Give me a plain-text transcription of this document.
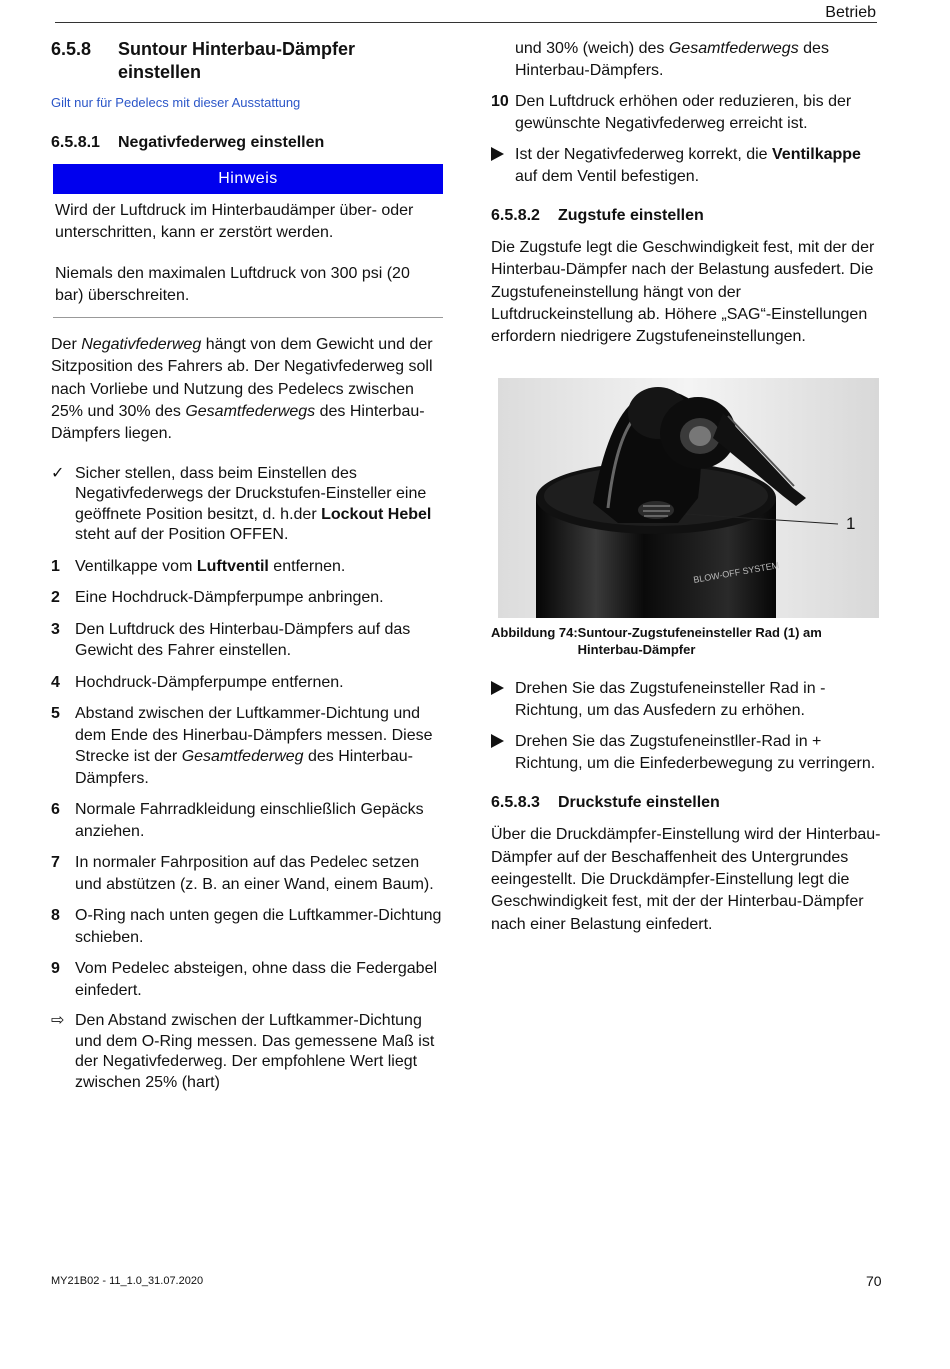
Betrieb
6.5.8	Suntour Hinterbau-Dämpfer einstellen
Gilt nur für Pedelecs mit dieser Ausstattung
6.5.8.1	Negativfederweg einstellen
Hinweis

Wird der Luftdruck im Hinterbaudämper über- oder unterschritten, kann er zerstört werden.

Niemals den maximalen Luftdruck von 300 psi (20 bar) überschreiten.

Der Negativfederweg hängt von dem Gewicht und der Sitzposition des Fahrers ab. Der Negativfederweg soll nach Vorliebe und Nutzung des Pedelecs zwischen 25% und 30% des Gesamtfederwegs des Hinterbau-Dämpfers liegen.

✓ Sicher stellen, dass beim Einstellen des Negativfederwegs der Druckstufen-Einsteller eine geöffnete Position besitzt, d. h.der Lockout Hebel steht auf der Position OFFEN.
1 Ventilkappe vom Luftventil entfernen.
2 Eine Hochdruck-Dämpferpumpe anbringen.
3 Den Luftdruck des Hinterbau-Dämpfers auf das Gewicht des Fahrer einstellen.
4 Hochdruck-Dämpferpumpe entfernen.
5 Abstand zwischen der Luftkammer-Dichtung und dem Ende des Hinerbau-Dämpfers messen. Diese Strecke ist der Gesamtfederweg des Hinterbau-Dämpfers.
6 Normale Fahrradkleidung einschließlich Gepäcks anziehen.
7 In normaler Fahrposition auf das Pedelec setzen und abstützen (z. B. an einer Wand, einem Baum).
8 O-Ring nach unten gegen die Luftkammer-Dichtung schieben.
9 Vom Pedelec absteigen, ohne dass die Federgabel einfedert.
⇨ Den Abstand zwischen der Luftkammer-Dichtung und dem O-Ring messen. Das gemessene Maß ist der Negativfederweg. Der empfohlene Wert liegt zwischen 25% (hart)
und 30% (weich) des Gesamtfederwegs des Hinterbau-Dämpfers.
10 Den Luftdruck erhöhen oder reduzieren, bis der gewünschte Negativfederweg erreicht ist.
Ist der Negativfederweg korrekt, die Ventilkappe auf dem Ventil befestigen.
6.5.8.2	Zugstufe einstellen

Die Zugstufe legt die Geschwindigkeit fest, mit der der Hinterbau-Dämpfer nach der Belastung ausfedert. Die Zugstufeneinstellung hängt von der Luftdruckeinstellung ab. Höhere „SAG“-Einstellungen erfordern niedrigere Zugstufeneinstellungen.

BLOW-OFF SYSTEM
1
Abbildung 74: Suntour-Zugstufeneinsteller Rad (1) am Hinterbau-Dämpfer
Drehen Sie das Zugstufeneinsteller Rad in - Richtung, um das Ausfedern zu erhöhen.
Drehen Sie das Zugstufeneinstller-Rad in + Richtung, um die Einfederbewegung zu verringern.
6.5.8.3	Druckstufe einstellen

Über die Druckdämpfer-Einstellung wird der Hinterbau-Dämpfer auf der Beschaffenheit des Untergrundes eeingestellt. Die Druckdämpfer-Einstellung legt die Geschwindigkeit fest, mit der der Hinterbau-Dämpfer nach einer Belastung einfedert.

MY21B02 - 11_1.0_31.07.2020	70
